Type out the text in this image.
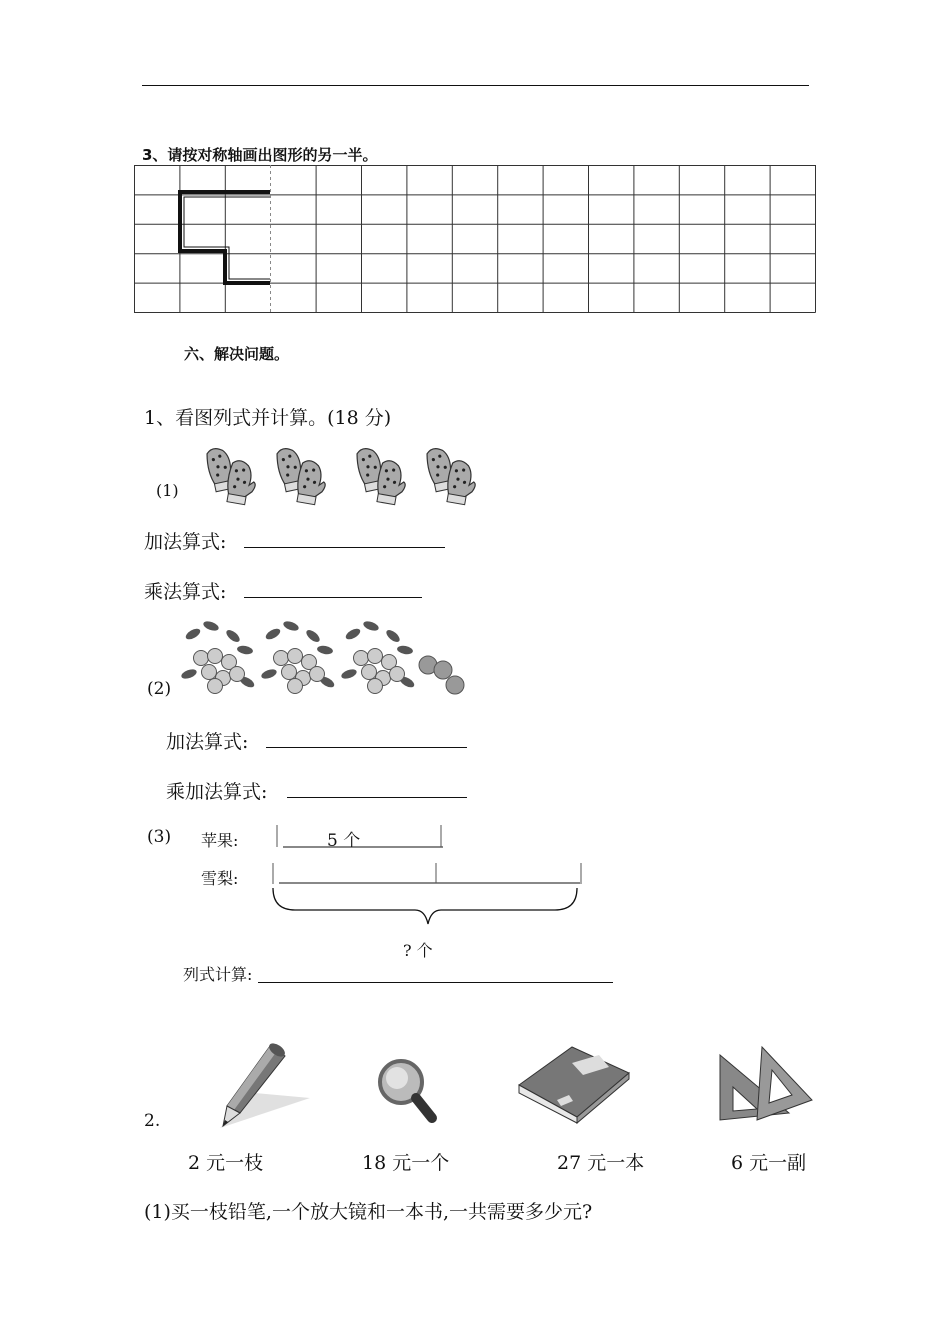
3、请按对称轴画出图形的另一半。
六、解决问题。
1、看图列式并计算。(18 分)
(1)
加法算式:
乘法算式:
(2)
加法算式:
乘加法算式:
(3) 苹果:	5 个
雪梨:
? 个
列式计算:
2.
2 元一枝	18 元一个	27 元一本	6 元一副
(1)买一枝铅笔,一个放大镜和一本书,一共需要多少元?
